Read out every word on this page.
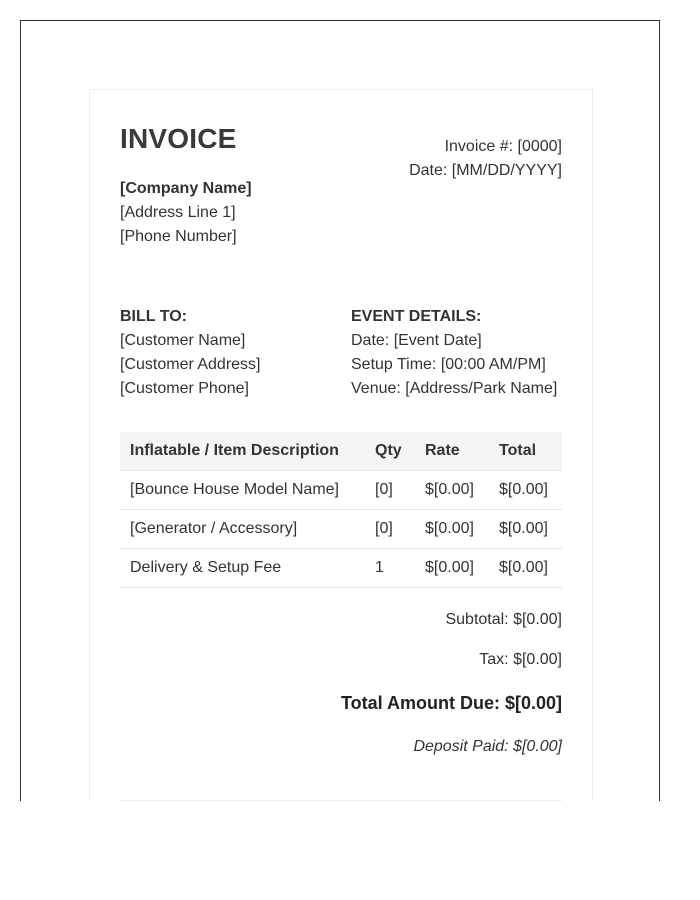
INVOICE	Invoice #: [0000]
Date: [MM/DD/YYYY]
[Company Name]
[Address Line 1]
[Phone Number]
BILL TO:
[Customer Name]
[Customer Address]
[Customer Phone]
EVENT DETAILS:
Date: [Event Date]
Setup Time: [00:00 AM/PM]
Venue: [Address/Park Name]
Inflatable / Item Description	Qty	Rate	Total
[Bounce House Model Name]	[0]	$[0.00]	$[0.00]
[Generator / Accessory]	[0]	$[0.00]	$[0.00]
Delivery & Setup Fee	1	$[0.00]	$[0.00]
Subtotal: $[0.00]
Tax: $[0.00]
Total Amount Due: $[0.00]
Deposit Paid: $[0.00]
